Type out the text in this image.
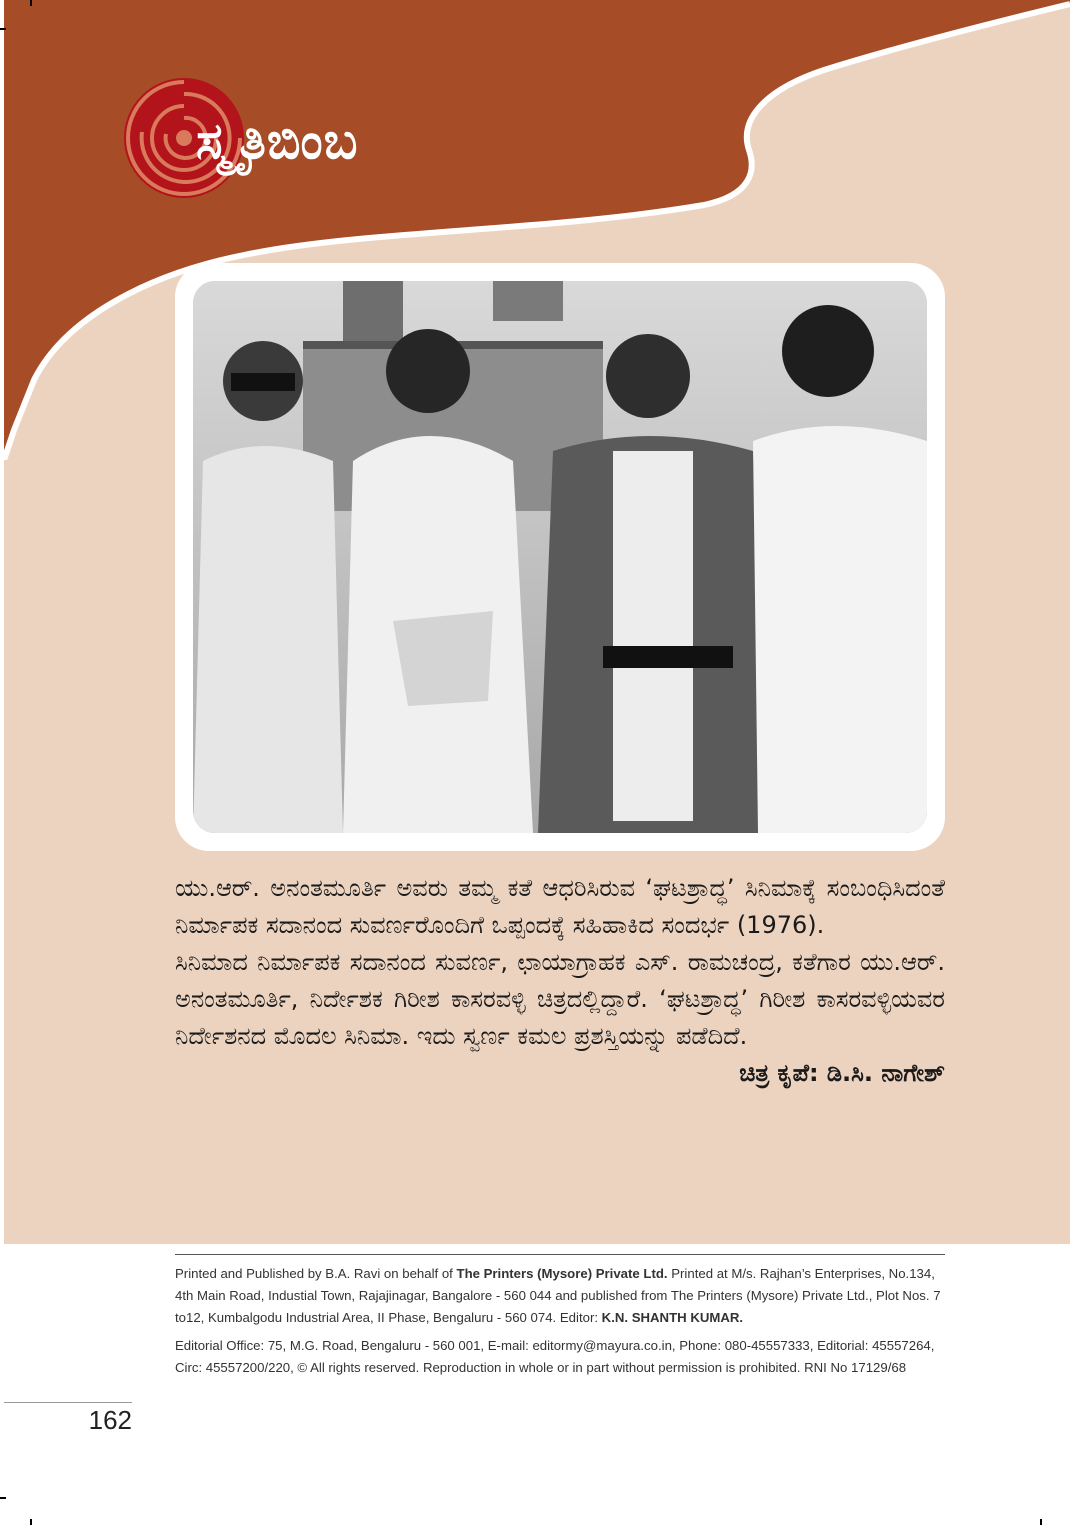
ಸ್ಮೃತಿಬಿಂಬ

ಯು.ಆರ್. ಅನಂತಮೂರ್ತಿ ಅವರು ತಮ್ಮ ಕತೆ ಆಧರಿಸಿರುವ ‘ಘಟಶ್ರಾದ್ಧ’ ಸಿನಿಮಾಕ್ಕೆ ಸಂಬಂಧಿಸಿದಂತೆ ನಿರ್ಮಾಪಕ ಸದಾನಂದ ಸುವರ್ಣರೊಂದಿಗೆ ಒಪ್ಪಂದಕ್ಕೆ ಸಹಿಹಾಕಿದ ಸಂದರ್ಭ (1976).

ಸಿನಿಮಾದ ನಿರ್ಮಾಪಕ ಸದಾನಂದ ಸುವರ್ಣ, ಛಾಯಾಗ್ರಾಹಕ ಎಸ್. ರಾಮಚಂದ್ರ, ಕತೆಗಾರ ಯು.ಆರ್. ಅನಂತಮೂರ್ತಿ, ನಿರ್ದೇಶಕ ಗಿರೀಶ ಕಾಸರವಳ್ಳಿ ಚಿತ್ರದಲ್ಲಿದ್ದಾರೆ. ‘ಘಟಶ್ರಾದ್ಧ’ ಗಿರೀಶ ಕಾಸರವಳ್ಳಿಯವರ ನಿರ್ದೇಶನದ ಮೊದಲ ಸಿನಿಮಾ. ಇದು ಸ್ವರ್ಣ ಕಮಲ ಪ್ರಶಸ್ತಿಯನ್ನು ಪಡೆದಿದೆ.

ಚಿತ್ರ ಕೃಪೆ: ಡಿ.ಸಿ. ನಾಗೇಶ್

Printed and Published by B.A. Ravi on behalf of The Printers (Mysore) Private Ltd. Printed at M/s. Rajhan’s Enterprises, No.134, 4th Main Road, Industial Town, Rajajinagar, Bangalore - 560 044 and published from The Printers (Mysore) Private Ltd., Plot Nos. 7 to12, Kumbalgodu Industrial Area, II Phase, Bengaluru - 560 074. Editor: K.N. SHANTH KUMAR.

Editorial Office: 75, M.G. Road, Bengaluru - 560 001, E-mail: editormy@mayura.co.in, Phone: 080-45557333, Editorial: 45557264, Circ: 45557200/220, © All rights reserved. Reproduction in whole or in part without permission is prohibited. RNI No 17129/68

162
